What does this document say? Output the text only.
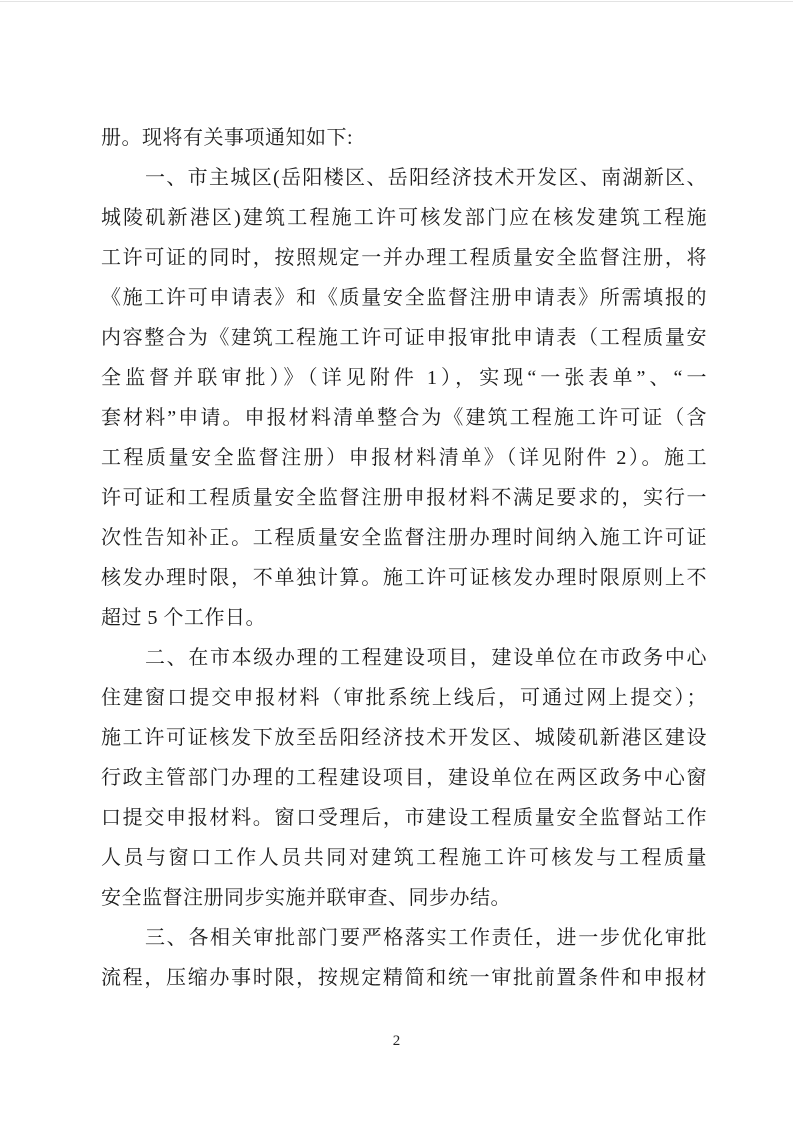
册。现将有关事项通知如下:
一、市主城区(岳阳楼区、岳阳经济技术开发区、南湖新区、
城陵矶新港区)建筑工程施工许可核发部门应在核发建筑工程施
工许可证的同时，按照规定一并办理工程质量安全监督注册，将
《施工许可申请表》和《质量安全监督注册申请表》所需填报的
内容整合为《建筑工程施工许可证申报审批申请表（工程质量安
全监督并联审批）》（详见附件 1），实现“一张表单”、“一
套材料”申请。申报材料清单整合为《建筑工程施工许可证（含
工程质量安全监督注册）申报材料清单》（详见附件 2）。施工
许可证和工程质量安全监督注册申报材料不满足要求的，实行一
次性告知补正。工程质量安全监督注册办理时间纳入施工许可证
核发办理时限，不单独计算。施工许可证核发办理时限原则上不
超过 5 个工作日。
二、在市本级办理的工程建设项目，建设单位在市政务中心
住建窗口提交申报材料（审批系统上线后，可通过网上提交）；
施工许可证核发下放至岳阳经济技术开发区、城陵矶新港区建设
行政主管部门办理的工程建设项目，建设单位在两区政务中心窗
口提交申报材料。窗口受理后，市建设工程质量安全监督站工作
人员与窗口工作人员共同对建筑工程施工许可核发与工程质量
安全监督注册同步实施并联审查、同步办结。
三、各相关审批部门要严格落实工作责任，进一步优化审批
流程，压缩办事时限，按规定精简和统一审批前置条件和申报材
2
